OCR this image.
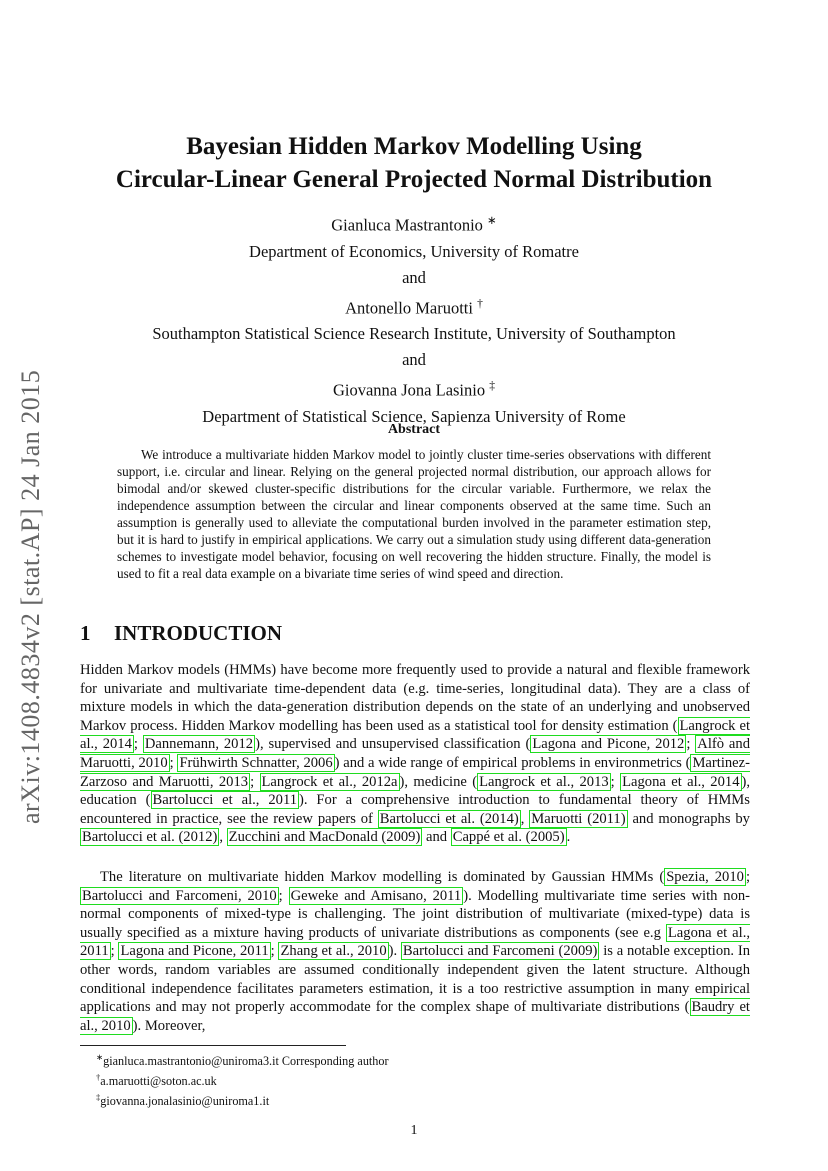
arXiv:1408.4834v2 [stat.AP] 24 Jan 2015
Bayesian Hidden Markov Modelling Using
Circular-Linear General Projected Normal Distribution
Gianluca Mastrantonio ∗
Department of Economics, University of Romatre
and
Antonello Maruotti †
Southampton Statistical Science Research Institute, University of Southampton
and
Giovanna Jona Lasinio ‡
Department of Statistical Science, Sapienza University of Rome
Abstract

We introduce a multivariate hidden Markov model to jointly cluster time-series observations with different support, i.e. circular and linear. Relying on the general projected normal distribution, our approach allows for bimodal and/or skewed cluster-specific distributions for the circular variable. Furthermore, we relax the independence assumption between the circular and linear components observed at the same time. Such an assumption is generally used to alleviate the computational burden involved in the parameter estimation step, but it is hard to justify in empirical applications. We carry out a simulation study using different data-generation schemes to investigate model behavior, focusing on well recovering the hidden structure. Finally, the model is used to fit a real data example on a bivariate time series of wind speed and direction.

1 INTRODUCTION

Hidden Markov models (HMMs) have become more frequently used to provide a natural and flexible framework for univariate and multivariate time-dependent data (e.g. time-series, longitudinal data). They are a class of mixture models in which the data-generation distribution depends on the state of an underlying and unobserved Markov process. Hidden Markov modelling has been used as a statistical tool for density estimation ( Langrock et al., 2014 ; Dannemann, 2012 ), supervised and unsupervised classification ( Lagona and Picone, 2012 ; Alfò and Maruotti, 2010 ; Frühwirth Schnatter, 2006 ) and a wide range of empirical problems in environmetrics ( Martinez-Zarzoso and Maruotti, 2013 ; Langrock et al., 2012a ), medicine ( Langrock et al., 2013 ; Lagona et al., 2014 ), education ( Bartolucci et al., 2011 ). For a comprehensive introduction to fundamental theory of HMMs encountered in practice, see the review papers of Bartolucci et al. (2014) , Maruotti (2011) and monographs by Bartolucci et al. (2012) , Zucchini and MacDonald (2009) and Cappé et al. (2005) .

The literature on multivariate hidden Markov modelling is dominated by Gaussian HMMs ( Spezia, 2010 ; Bartolucci and Farcomeni, 2010 ; Geweke and Amisano, 2011 ). Modelling multivariate time series with non-normal components of mixed-type is challenging. The joint distribution of multivariate (mixed-type) data is usually specified as a mixture having products of univariate distributions as components (see e.g Lagona et al., 2011 ; Lagona and Picone, 2011 ; Zhang et al., 2010 ). Bartolucci and Farcomeni (2009) is a notable exception. In other words, random variables are assumed conditionally independent given the latent structure. Although conditional independence facilitates parameters estimation, it is a too restrictive assumption in many empirical applications and may not properly accommodate for the complex shape of multivariate distributions ( Baudry et al., 2010 ). Moreover,

∗gianluca.mastrantonio@uniroma3.it Corresponding author
†a.maruotti@soton.ac.uk
‡giovanna.jonalasinio@uniroma1.it
1
